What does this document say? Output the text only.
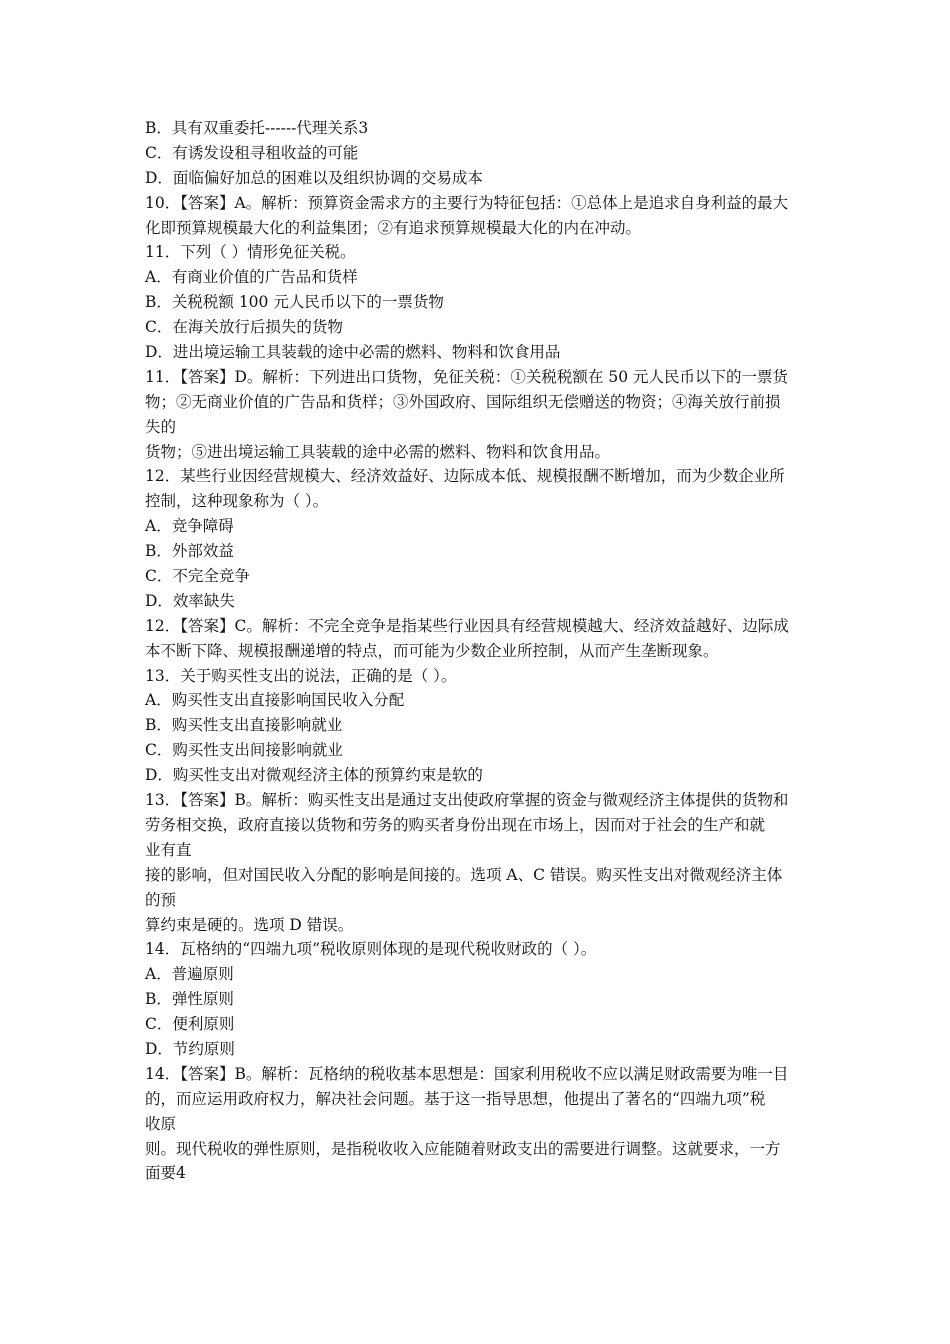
B．具有双重委托------代理关系3
C．有诱发设租寻租收益的可能
D．面临偏好加总的困难以及组织协调的交易成本
10．【答案】A。解析：预算资金需求方的主要行为特征包括：①总体上是追求自身利益的最大
化即预算规模最大化的利益集团；②有追求预算规模最大化的内在冲动。
11．下列（ ）情形免征关税。
A．有商业价值的广告品和货样
B．关税税额 100 元人民币以下的一票货物
C．在海关放行后损失的货物
D．进出境运输工具装载的途中必需的燃料、物料和饮食用品
11．【答案】D。解析：下列进出口货物，免征关税：①关税税额在 50 元人民币以下的一票货
物；②无商业价值的广告品和货样；③外国政府、国际组织无偿赠送的物资；④海关放行前损
失的
货物；⑤进出境运输工具装载的途中必需的燃料、物料和饮食用品。
12．某些行业因经营规模大、经济效益好、边际成本低、规模报酬不断增加，而为少数企业所
控制，这种现象称为（ ）。
A．竞争障碍
B．外部效益
C．不完全竞争
D．效率缺失
12．【答案】C。解析：不完全竞争是指某些行业因具有经营规模越大、经济效益越好、边际成
本不断下降、规模报酬递增的特点，而可能为少数企业所控制，从而产生垄断现象。
13．关于购买性支出的说法，正确的是（ ）。
A．购买性支出直接影响国民收入分配
B．购买性支出直接影响就业
C．购买性支出间接影响就业
D．购买性支出对微观经济主体的预算约束是软的
13．【答案】B。解析：购买性支出是通过支出使政府掌握的资金与微观经济主体提供的货物和
劳务相交换，政府直接以货物和劳务的购买者身份出现在市场上，因而对于社会的生产和就
业有直
接的影响，但对国民收入分配的影响是间接的。选项 A、C 错误。购买性支出对微观经济主体
的预
算约束是硬的。选项 D 错误。
14．瓦格纳的“四端九项”税收原则体现的是现代税收财政的（ ）。
A．普遍原则
B．弹性原则
C．便利原则
D．节约原则
14．【答案】B。解析：瓦格纳的税收基本思想是：国家利用税收不应以满足财政需要为唯一目
的，而应运用政府权力，解决社会问题。基于这一指导思想，他提出了著名的“四端九项”税
收原
则。现代税收的弹性原则，是指税收收入应能随着财政支出的需要进行调整。这就要求，一方
面要4
